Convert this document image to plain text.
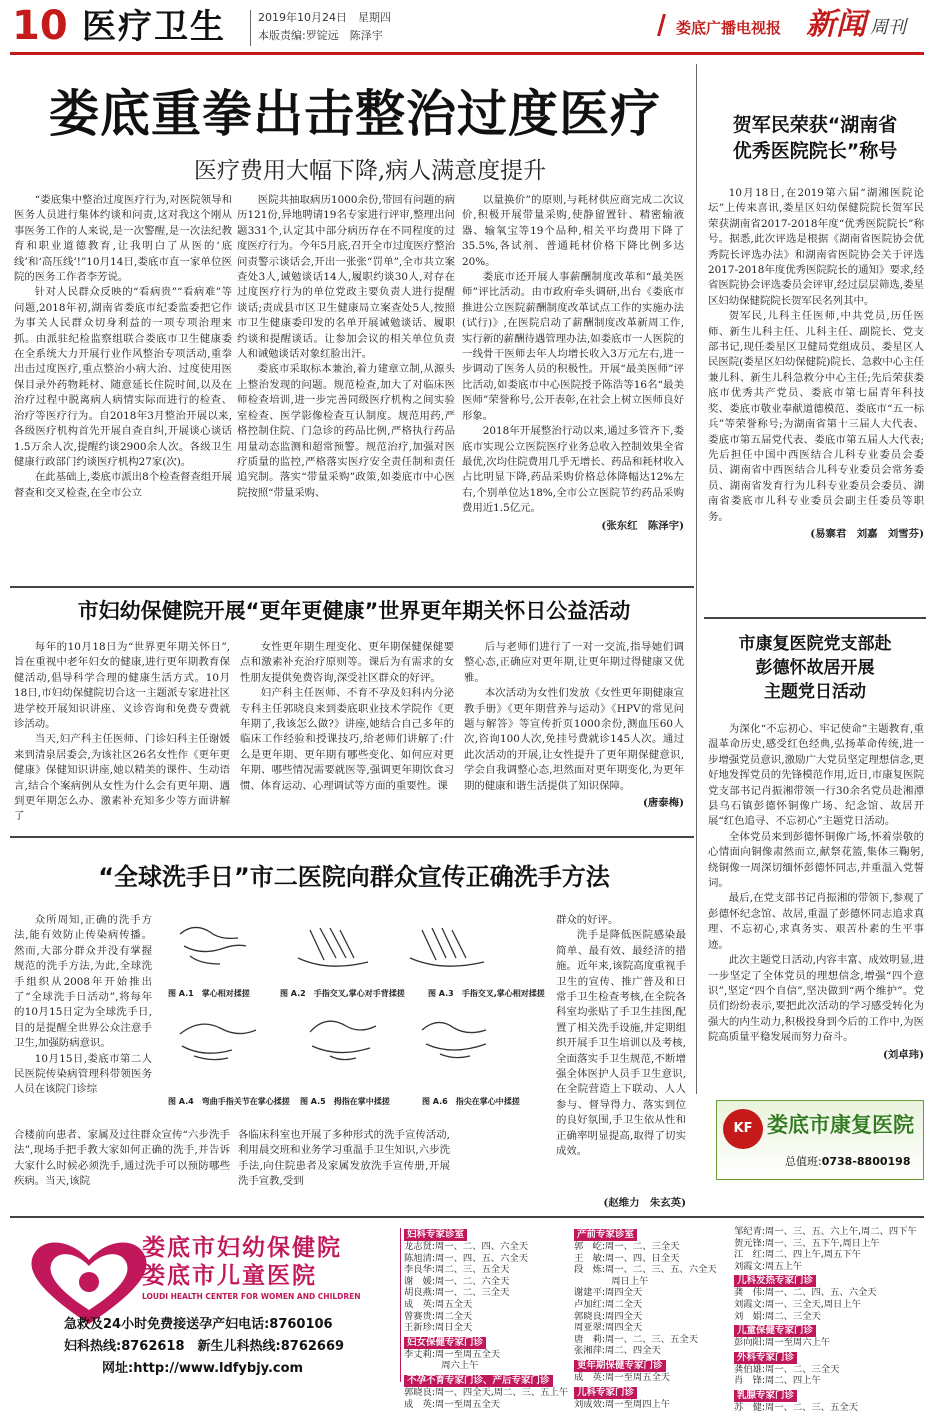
10 医疗卫生	2019年10月24日　 星期四
本版责编:罗锭远　陈泽宇	娄底广播电视报 新闻 周刊
娄底重拳出击整治过度医疗
医疗费用大幅下降,病人满意度提升

“娄底集中整治过度医疗行为,对医院领导和医务人员进行集体约谈和问责,这对我这个刚从事医务工作的人来说,是一次警醒,是一次法纪教育和职业道德教育,让我明白了从医的‘底线’和‘高压线’!”10月14日,娄底市直一家单位医院的医务工作者李芳说。

针对人民群众反映的“看病贵”“看病难”等问题,2018年初,湖南省娄底市纪委监委把它作为事关人民群众切身利益的一项专项治理来抓。由派驻纪检监察组联合娄底市卫生健康委在全系统大力开展行业作风整治专项活动,重拳出击过度医疗,重点整治小病大治、过度使用医保目录外药物耗材、随意延长住院时间,以及在治疗过程中脱离病人病情实际而进行的检查、治疗等医疗行为。自2018年3月整治开展以来,各级医疗机构首先开展自查自纠,开展谈心谈话1.5万余人次,提醒约谈2900余人次。各级卫生健康行政部门约谈医疗机构27家(次)。

在此基础上,娄底市派出8个检查督查组开展督查和交叉检查,在全市公立

医院共抽取病历1000余份,带回有问题的病历121份,异地聘请19名专家进行评审,整理出问题331个,认定其中部分病历存在不同程度的过度医疗行为。今年5月底,召开全市过度医疗整治问责警示谈话会,开出一张张“罚单”,全市共立案查处3人,诫勉谈话14人,履职约谈30人,对存在过度医疗行为的单位党政主要负责人进行提醒谈话;责成县市区卫生健康局立案查处5人,按照市卫生健康委印发的名单开展诫勉谈话、履职约谈和提醒谈话。让参加会议的相关单位负责人和诫勉谈话对象红脸出汗。

娄底市采取标本兼治,着力建章立制,从源头上整治发现的问题。规范检查,加大了对临床医师检查培训,进一步完善同级医疗机构之间实验室检查、医学影像检查互认制度。规范用药,严格控制住院、门急诊的药品比例,严格执行药品用量动态监测和超常预警。规范治疗,加强对医疗质量的监控,严格落实医疗安全责任制和责任追究制。落实“带量采购”政策,如娄底市中心医院按照“带量采购、

以量换价”的原则,与耗材供应商完成二次议价,积极开展带量采购,使静留置针、精密输液器、输氧宝等19个品种,相关平均费用下降了35.5%,各试剂、普通耗材价格下降比例多达20%。

娄底市还开展人事薪酬制度改革和“最美医师”评比活动。由市政府牵头调研,出台《娄底市推进公立医院薪酬制度改革试点工作的实施办法(试行)》,在医院启动了薪酬制度改革新周工作,实行新的薪酬待遇管理办法,如娄底市一人医院的一线骨干医师去年人均增长收入3万元左右,进一步调动了医务人员的积极性。开展“最美医师”评比活动,如娄底市中心医院授予陈浩等16名“最美医师”荣誉称号,公开表彰,在社会上树立医师良好形象。

2018年开展整治行动以来,通过多管齐下,娄底市实现公立医院医疗业务总收入控制效果全省最优,次均住院费用几乎无增长、药品和耗材收入占比明显下降,药品采购价格总体降幅达12%左右,个别单位达18%,全市公立医院节约药品采购费用近1.5亿元。

(张东红　陈泽宇)
贺军民荣获“湖南省
优秀医院院长”称号

10月18日,在2019第六届“湖湘医院论坛”上传来喜讯,娄星区妇幼保健院院长贺军民荣获湖南省2017-2018年度“优秀医院院长”称号。据悉,此次评选是根据《湖南省医院协会优秀院长评选办法》和湖南省医院协会关于评选2017-2018年度优秀医院院长的通知》要求,经省医院协会评选委员会评审,经过层层筛选,娄星区妇幼保健院院长贺军民名列其中。

贺军民,儿科主任医师,中共党员,历任医师、新生儿科主任、儿科主任、副院长、党支部书记,现任娄星区卫健局党组成员、娄星区人民医院(娄星区妇幼保健院)院长、急救中心主任兼儿科、新生儿科急救分中心主任;先后荣获娄底市优秀共产党员、娄底市第七届青年科技奖、娄底市敬业奉献道德模范、娄底市“五一标兵”等荣誉称号;为湖南省第十三届人大代表、娄底市第五届党代表、娄底市第五届人大代表;先后担任中国中西医结合儿科专业委员会委员、湖南省中西医结合儿科专业委员会常务委员、湖南省发育行为儿科专业委员会委员、湖南省娄底市儿科专业委员会副主任委员等职务。

(易寨君　刘嘉　刘雪芬)
市康复医院党支部赴
彭德怀故居开展
主题党日活动

为深化“不忘初心、牢记使命”主题教育,重温革命历史,感受红色经典,弘扬革命传统,进一步增强党员意识,激励广大党员坚定理想信念,更好地发挥党员的先锋模范作用,近日,市康复医院党支部书记肖振湘带领一行30余名党员赴湘潭县乌石镇彭德怀铜像广场、纪念馆、故居开展“红色追寻、不忘初心”主题党日活动。

全体党员来到彭德怀铜像广场,怀着崇敬的心情面向铜像肃然而立,献祭花篮,集体三鞠躬,绕铜像一周深切缅怀彭德怀同志,并重温入党誓词。

最后,在党支部书记肖振湘的带领下,参观了彭德怀纪念馆、故居,重温了彭德怀同志追求真理、不忘初心,求真务实、艰苦朴素的生平事迹。

此次主题党日活动,内容丰富、成效明显,进一步坚定了全体党员的理想信念,增强“四个意识”,坚定“四个自信”,坚决做到“两个维护”。党员们纷纷表示,要把此次活动的学习感受转化为强大的内生动力,积极投身到今后的工作中,为医院高质量平稳发展而努力奋斗。

(刘卓玮)
KF 娄底市康复医院
总值班:0738-8800198
市妇幼保健院开展“更年更健康”世界更年期关怀日公益活动

每年的10月18日为“世界更年期关怀日”,旨在重视中老年妇女的健康,进行更年期教育保健活动,倡导科学合理的健康生活方式。10月18日,市妇幼保健院切合这一主题派专家进社区进学校开展知识讲座、义诊咨询和免费专费就诊活动。

当天,妇产科主任医师、门诊妇科主任谢媛来到清泉居委会,为该社区26名女性作《更年更健康》保健知识讲座,她以精美的课件、生动语言,结合个案病例从女性为什么会有更年期、遇到更年期怎么办、激素补充知多少等方面讲解了

女性更年期生理变化、更年期保健保健要点和激素补充治疗原则等。课后为有需求的女性朋友提供免费咨询,深受社区群众的好评。

妇产科主任医师、不育不孕及妇科内分泌专科主任郭晓良来到娄底职业技术学院作《更年期了,我该怎么做?》讲座,她结合自己多年的临床工作经验和授课技巧,给老师们讲解了:什么是更年期、更年期有哪些变化、如何应对更年期、哪些情况需要就医等,强调更年期饮食习惯、体育运动、心理调试等方面的重要性。课

后与老师们进行了一对一交流,指导她们调整心态,正确应对更年期,让更年期过得健康又优雅。

本次活动为女性们发放《女性更年期健康宣教手册》《更年期营养与运动》《HPV的常见问题与解答》等宣传折页1000余份,测血压60人次,咨询100人次,免挂号费就诊145人次。通过此次活动的开展,让女性提升了更年期保健意识,学会自我调整心态,坦然面对更年期变化,为更年期的健康和谐生活提供了知识保障。

(唐泰梅)
“全球洗手日”市二医院向群众宣传正确洗手方法

众所周知,正确的洗手方法,能有效防止传染病传播。然而,大部分群众并没有掌握规范的洗手方法,为此,全球洗手组织从2008年开始推出了“全球洗手日活动”,将每年的10月15日定为全球洗手日,目的是提醒全世界公众注意手卫生,加强防病意识。

10月15日,娄底市第二人民医院传染病管理科带领医务人员在该院门诊综

图 A.1　掌心相对揉搓	图 A.2　手指交叉,掌心对手背揉搓	图 A.3　手指交叉,掌心相对揉搓
图 A.4　弯曲手指关节在掌心揉搓 图 A.5　拇指在掌中揉搓	图 A.6　指尖在掌心中揉搓

群众的好评。

洗手是降低医院感染最简单、最有效、最经济的措施。近年来,该院高度重视手卫生的宣传、推广普及和日常手卫生检查考核,在全院各科室均张贴了手卫生挂图,配置了相关洗手设施,并定期组织开展手卫生培训以及考核,全面落实手卫生规范,不断增强全体医护人员手卫生意识,在全院营造上下联动、人人参与、督导得力、落实到位的良好氛围,手卫生依从性和正确率明显提高,取得了切实成效。

合楼前向患者、家属及过往群众宣传“六步洗手法”,现场手把手教大家如何正确的洗手,并告诉大家什么时候必须洗手,通过洗手可以预防哪些疾病。当天,该院

各临床科室也开展了多种形式的洗手宣传活动,利用晨交班和业务学习重温手卫生知识,六步洗手法,向住院患者及家属发放洗手宣传册,开展洗手宣教,受到

(赵维力　朱玄英)
娄底市妇幼保健院
娄底市儿童医院
LOUDI HEALTH CENTER FOR WOMEN AND CHILDREN
急救及24小时免费接送孕产妇电话:8760106
妇科热线:8762618　 新生儿科热线:8762669
网址:http://www.ldfybjy.com
妇科专家诊室
龙志贤:周一、二、四、六全天
陈旭清:周一、四、五、六全天
李良华:周二、三、五全天
谢　媛:周一、二、六全天
胡良燕:周一、二、三全天
成　英:周五全天
曾赛贵:周二全天
王新珍:周日全天
妇女保健专家门诊
李丈莉:周一至周五全天
　　　　周六上午
不孕不育专家门诊、产后专家门诊
郭晓良:周一、四全天,周二、三、五上午
成　英:周一至周五全天
产前专家诊室
郭　屹:周一、二、三全天
王　敏:周一、四、日全天
段　炼:周一、二、三、五、六全天
　　　　周日上午
谢建平:周四全天
卢加红:周二全天
郭晓良:周四全天
周亚翠:周四全天
唐　莉:周一、二、三、五全天
张湘萍:周二、四全天
更年期保健专家门诊
成　英:周一至周五全天
儿科专家门诊
刘成效:周一至周四上午
邹纪青:周一、三、五、六上午,周二、四下午
贺元锋:周一、三、五下午,周日上午
江　红:周二、四上午,周五下午
刘霞文:周五上午
儿科发热专家门诊
龚　伟:周一、二、四、五、六全天
刘霞文:周一、三全天,周日上午
刘　娟:周二、三全天
儿童保健专家门诊
彭向阳:周一至周六上午
外科专家门诊
龚伯雄:周一、二、三全天
肖　锋:周二、四上午
乳腺专家门诊
苏　健:周一、二、三、五全天
